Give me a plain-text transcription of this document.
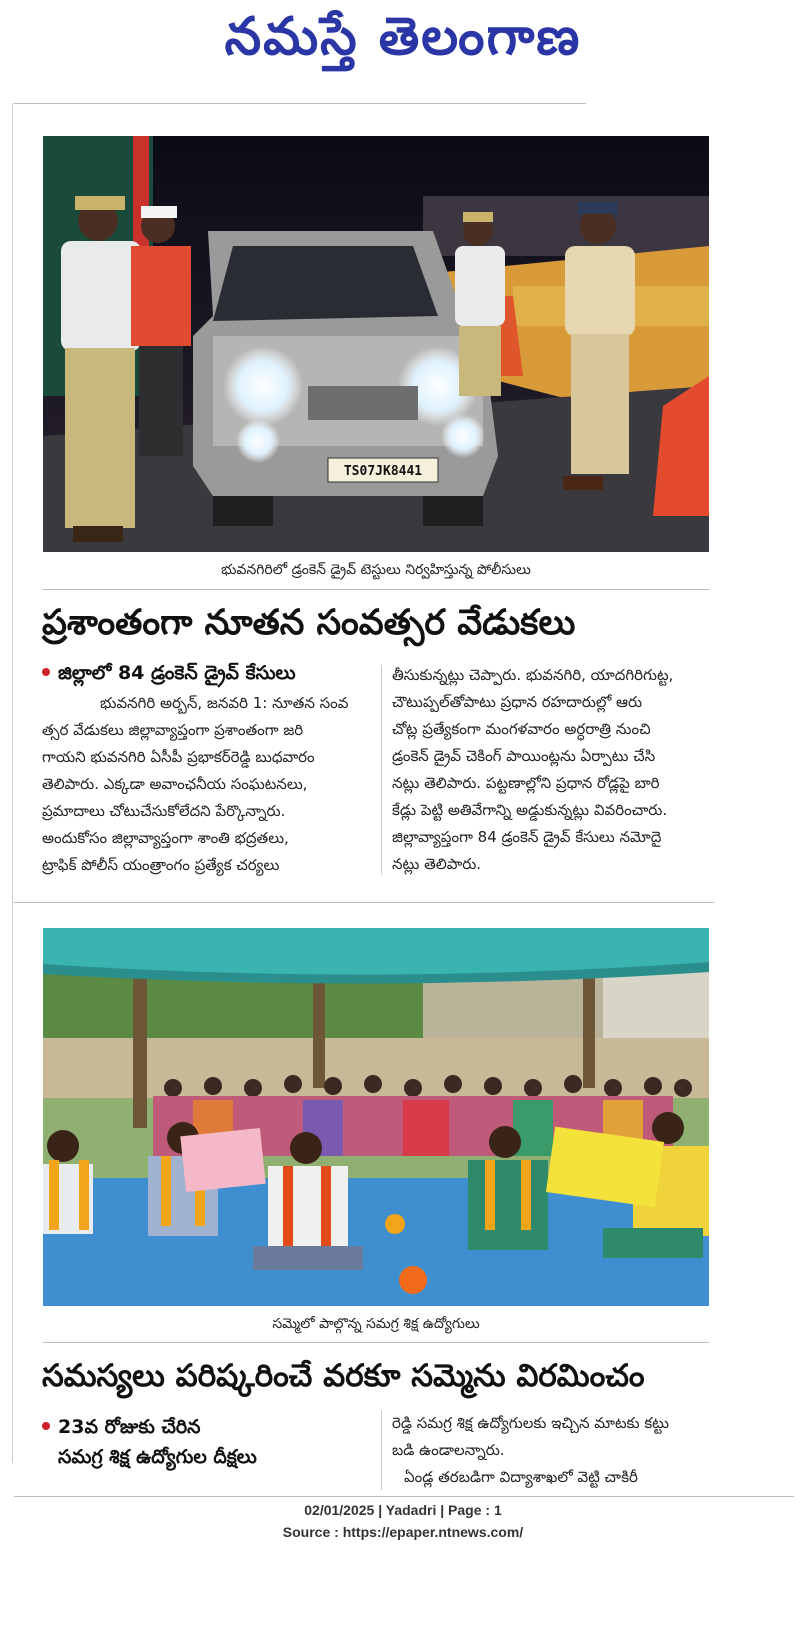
నమస్తే తెలంగాణ
TS07JK8441
భువనగిరిలో డ్రంకెన్ డ్రైవ్ టెస్టులు నిర్వహిస్తున్న పోలీసులు
ప్రశాంతంగా నూతన సంవత్సర వేడుకలు
జిల్లాలో 84 డ్రంకెన్ డ్రైవ్ కేసులు

భువనగిరి అర్బన్, జనవరి 1: నూతన సంవ

త్సర వేడుకలు జిల్లావ్యాప్తంగా ప్రశాంతంగా జరి

గాయని భువనగిరి ఏసీపీ ప్రభాకర్‌రెడ్డి బుధవారం

తెలిపారు. ఎక్కడా అవాంఛనీయ సంఘటనలు,

ప్రమాదాలు చోటుచేసుకోలేదని పేర్కొన్నారు.

అందుకోసం జిల్లావ్యాప్తంగా శాంతి భద్రతలు,

ట్రాఫిక్ పోలీస్ యంత్రాంగం ప్రత్యేక చర్యలు

తీసుకున్నట్లు చెప్పారు. భువనగిరి, యాదగిరిగుట్ట,

చౌటుప్పల్‌తోపాటు ప్రధాన రహదారుల్లో ఆరు

చోట్ల ప్రత్యేకంగా మంగళవారం అర్ధరాత్రి నుంచి

డ్రంకెన్ డ్రైవ్ చెకింగ్ పాయింట్లను ఏర్పాటు చేసి

నట్లు తెలిపారు. పట్టణాల్లోని ప్రధాన రోడ్లపై బారి

కేడ్లు పెట్టి అతివేగాన్ని అడ్డుకున్నట్లు వివరించారు.

జిల్లావ్యాప్తంగా 84 డ్రంకెన్ డ్రైవ్ కేసులు నమోదై

నట్లు తెలిపారు.

సమ్మెలో పాల్గొన్న సమగ్ర శిక్ష ఉద్యోగులు
సమస్యలు పరిష్కరించే వరకూ సమ్మెను విరమించం
23వ రోజుకు చేరిన
సమగ్ర శిక్ష ఉద్యోగుల దీక్షలు

రెడ్డి సమగ్ర శిక్ష ఉద్యోగులకు ఇచ్చిన మాటకు కట్టు

బడి ఉండాలన్నారు.

ఏండ్ల తరబడిగా విద్యాశాఖలో వెట్టి చాకిరీ

02/01/2025 | Yadadri | Page : 1
Source : https://epaper.ntnews.com/
